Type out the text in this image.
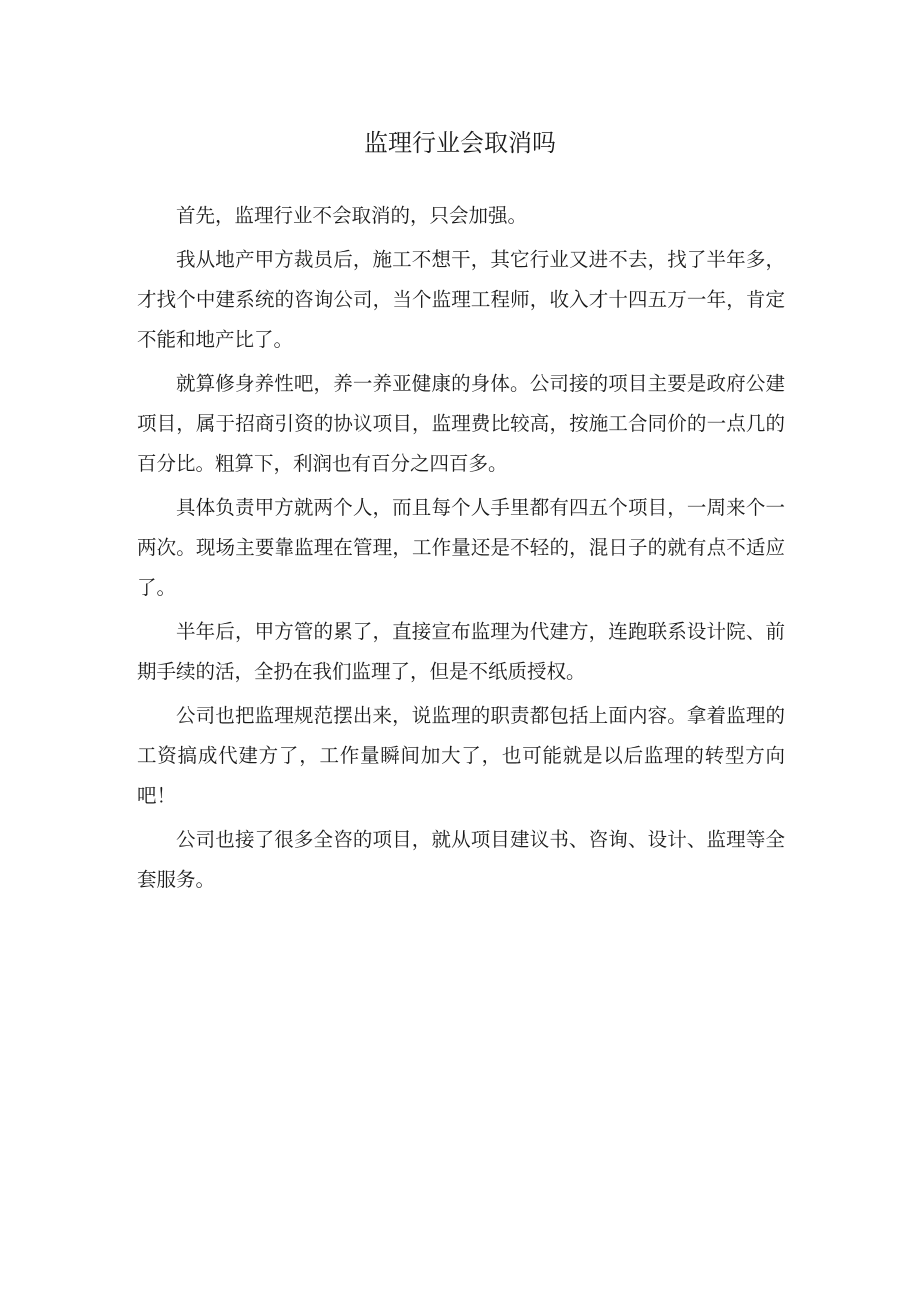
监理行业会取消吗

首先，监理行业不会取消的，只会加强。

我从地产甲方裁员后，施工不想干，其它行业又进不去，找了半年多，才找个中建系统的咨询公司，当个监理工程师，收入才十四五万一年，肯定不能和地产比了。

就算修身养性吧，养一养亚健康的身体。公司接的项目主要是政府公建项目，属于招商引资的协议项目，监理费比较高，按施工合同价的一点几的百分比。粗算下，利润也有百分之四百多。

具体负责甲方就两个人，而且每个人手里都有四五个项目，一周来个一两次。现场主要靠监理在管理，工作量还是不轻的，混日子的就有点不适应了。

半年后，甲方管的累了，直接宣布监理为代建方，连跑联系设计院、前期手续的活，全扔在我们监理了，但是不纸质授权。

公司也把监理规范摆出来，说监理的职责都包括上面内容。拿着监理的工资搞成代建方了，工作量瞬间加大了，也可能就是以后监理的转型方向吧！

公司也接了很多全咨的项目，就从项目建议书、咨询、设计、监理等全套服务。
